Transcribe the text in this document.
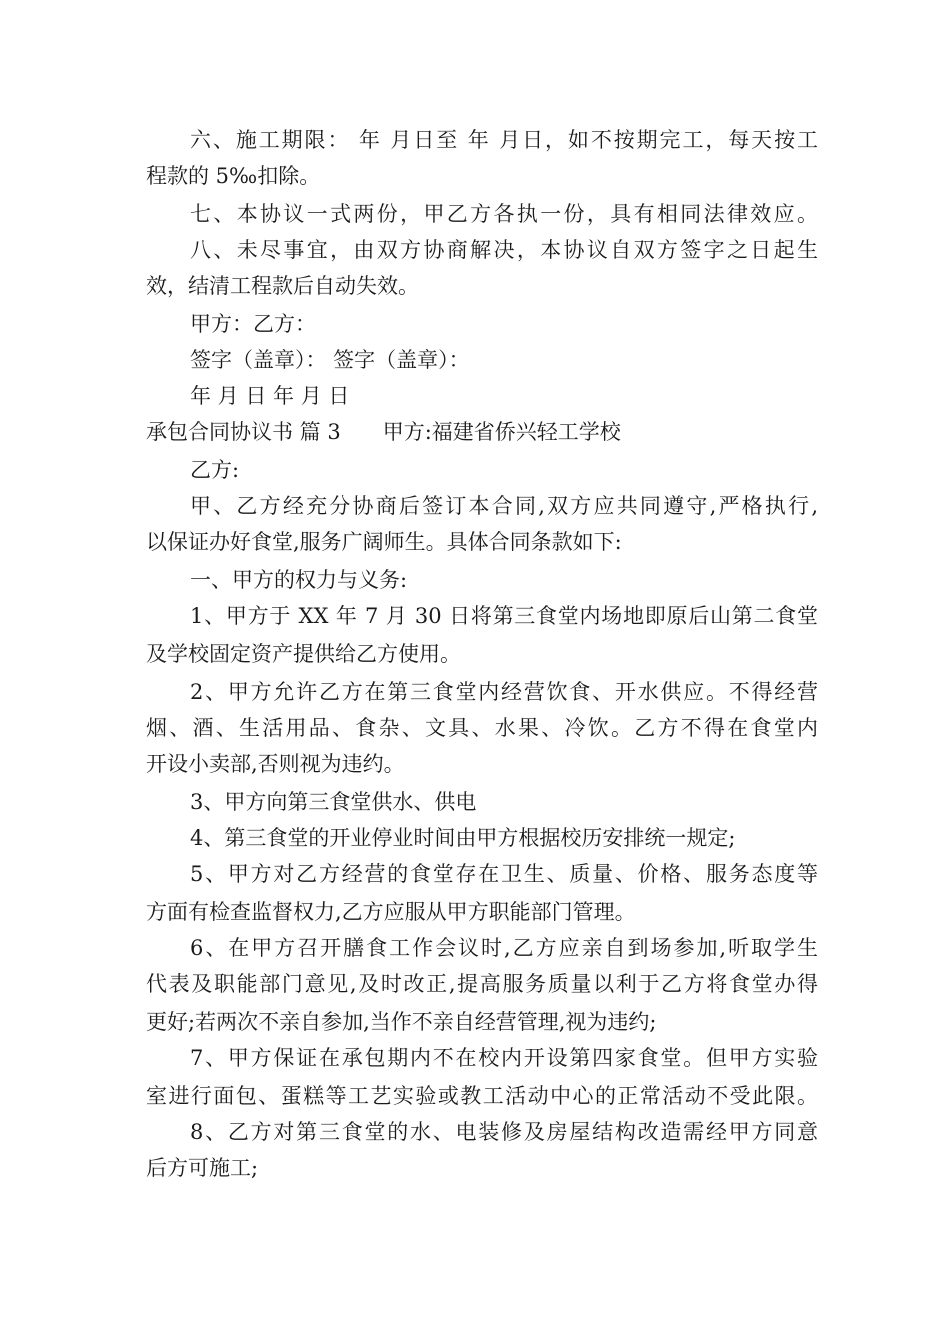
六、施工期限： 年 月日至 年 月日，如不按期完工，每天按工
程款的 5‰扣除。
七、本协议一式两份，甲乙方各执一份，具有相同法律效应。
八、未尽事宜，由双方协商解决，本协议自双方签字之日起生
效，结清工程款后自动失效。
甲方：乙方：
签字（盖章）： 签字（盖章）：
年 月 日 年 月 日
承包合同协议书 篇 3　　甲方:福建省侨兴轻工学校
乙方:
甲、乙方经充分协商后签订本合同,双方应共同遵守,严格执行,
以保证办好食堂,服务广阔师生。具体合同条款如下:
一、甲方的权力与义务:
1、甲方于 XX 年 7 月 30 日将第三食堂内场地即原后山第二食堂
及学校固定资产提供给乙方使用。
2、甲方允许乙方在第三食堂内经营饮食、开水供应。不得经营
烟、酒、生活用品、食杂、文具、水果、冷饮。乙方不得在食堂内
开设小卖部,否则视为违约。
3、甲方向第三食堂供水、供电
4、第三食堂的开业停业时间由甲方根据校历安排统一规定;
5、甲方对乙方经营的食堂存在卫生、质量、价格、服务态度等
方面有检查监督权力,乙方应服从甲方职能部门管理。
6、在甲方召开膳食工作会议时,乙方应亲自到场参加,听取学生
代表及职能部门意见,及时改正,提高服务质量以利于乙方将食堂办得
更好;若两次不亲自参加,当作不亲自经营管理,视为违约;
7、甲方保证在承包期内不在校内开设第四家食堂。但甲方实验
室进行面包、蛋糕等工艺实验或教工活动中心的正常活动不受此限。
8、乙方对第三食堂的水、电装修及房屋结构改造需经甲方同意
后方可施工;
